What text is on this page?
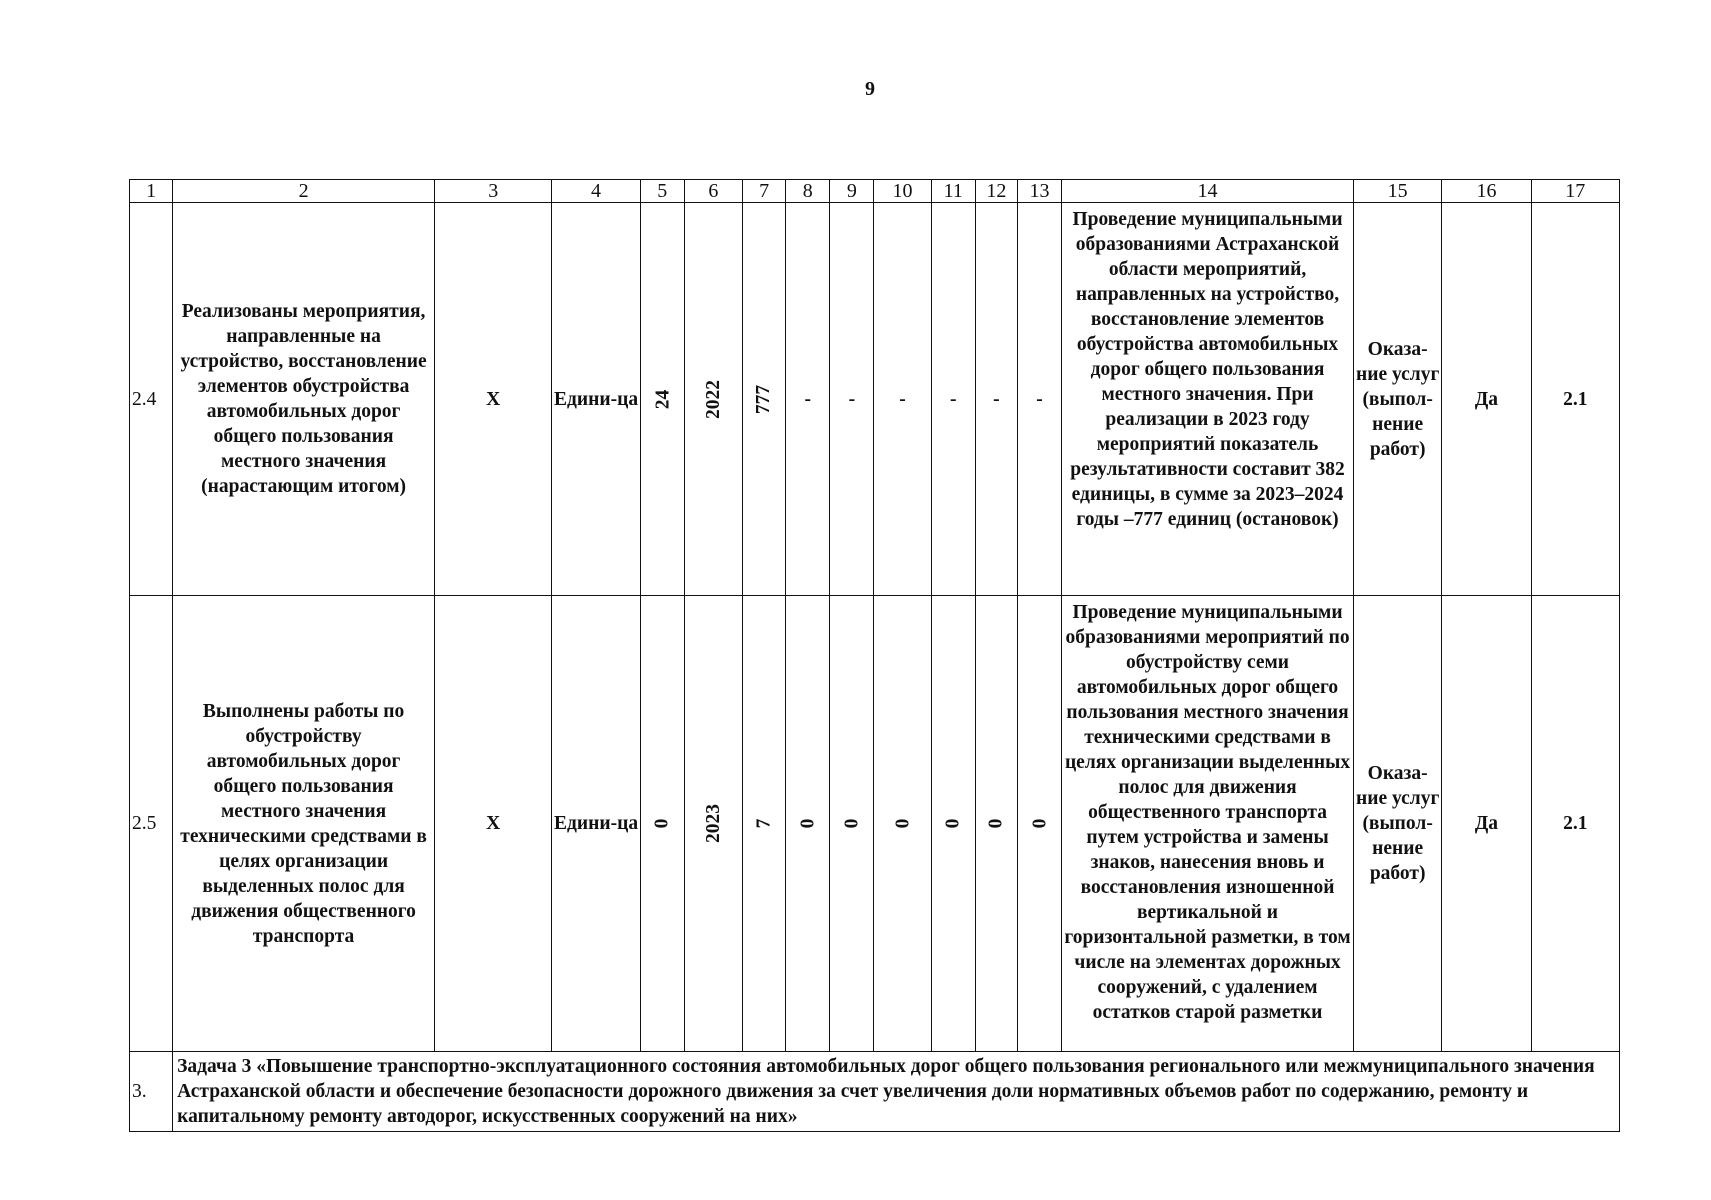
9
1	2	3	4	5	6	7	8	9	10	11	12	13	14	15	16	17
2.4	Реализованы мероприятия, направленные на устройство, восстановление элементов обустройства автомобильных дорог общего пользования местного значения (нарастающим итогом)	Х	Едини-ца	24	2022	777	-	-	-	-	-	-	Проведение муниципальными образованиями Астраханской области мероприятий, направленных на устройство, восстановление элементов обустройства автомобильных дорог общего пользования местного значения. При реализации в 2023 году мероприятий показатель результативности составит 382 единицы, в сумме за 2023–2024 годы –777 единиц (остановок)	Оказа-ние услуг (выпол-нение работ)	Да	2.1
2.5	Выполнены работы по обустройству автомобильных дорог общего пользования местного значения техническими средствами в целях организации выделенных полос для движения общественного транспорта	Х	Едини-ца	0	2023	7	0	0	0	0	0	0	Проведение муниципальными образованиями мероприятий по обустройству семи автомобильных дорог общего пользования местного значения техническими средствами в целях организации выделенных полос для движения общественного транспорта путем устройства и замены знаков, нанесения вновь и восстановления изношенной вертикальной и горизонтальной разметки, в том числе на элементах дорожных сооружений, с удалением остатков старой разметки	Оказа-ние услуг (выпол-нение работ)	Да	2.1
3.	Задача 3 «Повышение транспортно-эксплуатационного состояния автомобильных дорог общего пользования регионального или межмуниципального значения Астраханской области и обеспечение безопасности дорожного движения за счет увеличения доли нормативных объемов работ по содержанию, ремонту и капитальному ремонту автодорог, искусственных сооружений на них»															
